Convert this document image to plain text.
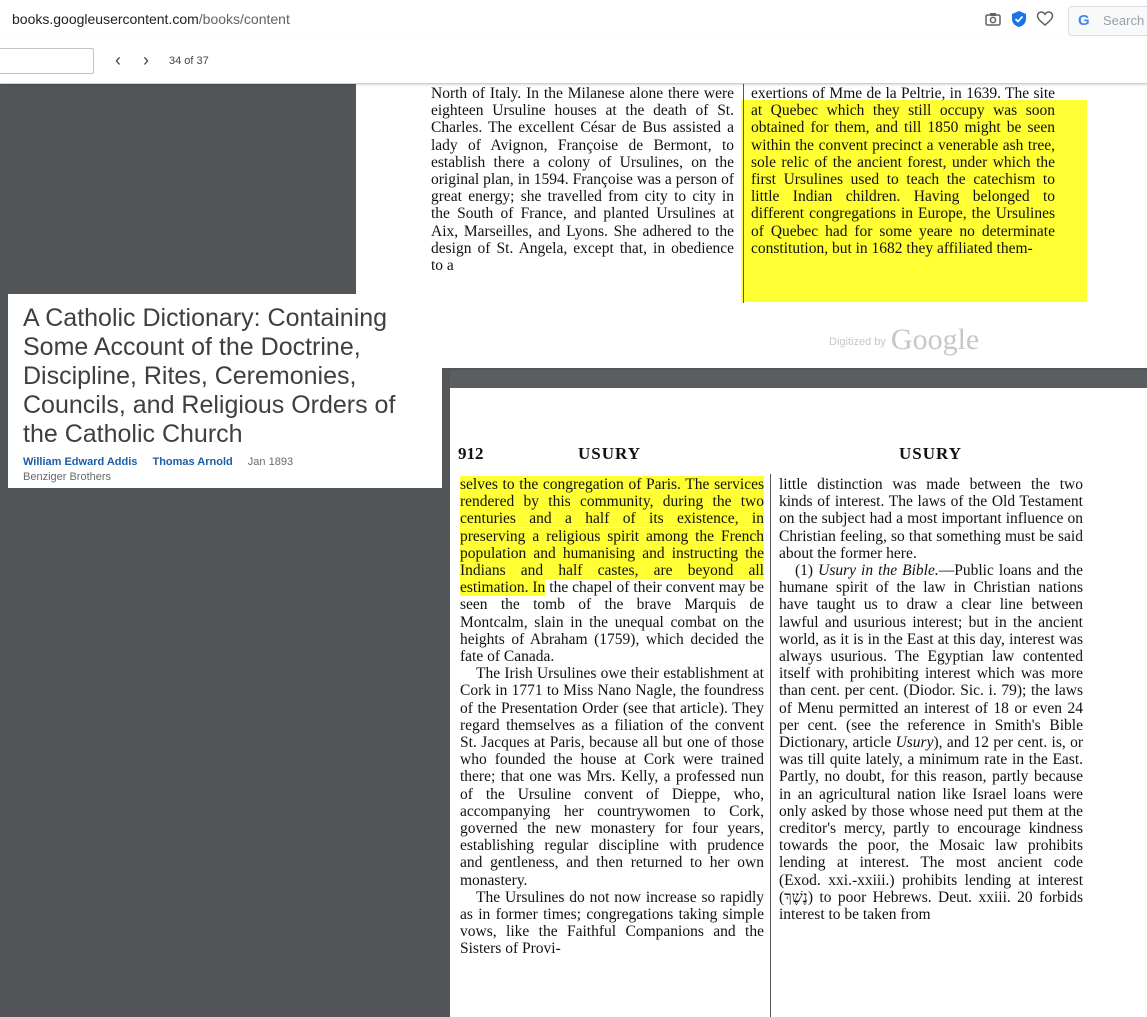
books.googleusercontent.com/books/content	G Search
‹	›	34 of 37
North of Italy. In the Milanese alone there were eighteen Ursuline houses at the death of St. Charles. The excellent César de Bus assisted a lady of Avignon, Françoise de Bermont, to establish there a colony of Ursulines, on the original plan, in 1594. Françoise was a person of great energy; she travelled from city to city in the South of France, and planted Ursulines at Aix, Marseilles, and Lyons. She adhered to the design of St. Angela, except that, in obedience to a
exertions of Mme de la Peltrie, in 1639. The site at Quebec which they still occupy was soon obtained for them, and till 1850 might be seen within the convent precinct a venerable ash tree, sole relic of the ancient forest, under which the first Ursulines used to teach the catechism to little Indian children. Having belonged to different congregations in Europe, the Ursulines of Quebec had for some yeare no determinate constitution, but in 1682 they affiliated them-
Digitized by Google
912	USURY	USURY
selves to the congregation of Paris. The services rendered by this community, during the two centuries and a half of its existence, in preserving a religious spirit among the French population and humanising and instructing the Indians and half castes, are beyond all estimation. In the chapel of their convent may be seen the tomb of the brave Marquis de Montcalm, slain in the unequal combat on the heights of Abraham (1759), which decided the fate of Canada.
The Irish Ursulines owe their establishment at Cork in 1771 to Miss Nano Nagle, the foundress of the Presentation Order (see that article). They regard themselves as a filiation of the convent St. Jacques at Paris, because all but one of those who founded the house at Cork were trained there; that one was Mrs. Kelly, a professed nun of the Ursuline convent of Dieppe, who, accompanying her countrywomen to Cork, governed the new monastery for four years, establishing regular discipline with prudence and gentleness, and then returned to her own monastery.
The Ursulines do not now increase so rapidly as in former times; congregations taking simple vows, like the Faithful Companions and the Sisters of Provi-
little distinction was made between the two kinds of interest. The laws of the Old Testament on the subject had a most important influence on Christian feeling, so that something must be said about the former here.
(1) Usury in the Bible.—Public loans and the humane spirit of the law in Christian nations have taught us to draw a clear line between lawful and usurious interest; but in the ancient world, as it is in the East at this day, interest was always usurious. The Egyptian law contented itself with prohibiting interest which was more than cent. per cent. (Diodor. Sic. i. 79); the laws of Menu permitted an interest of 18 or even 24 per cent. (see the reference in Smith's Bible Dictionary, article Usury), and 12 per cent. is, or was till quite lately, a minimum rate in the East. Partly, no doubt, for this reason, partly because in an agricultural nation like Israel loans were only asked by those whose need put them at the creditor's mercy, partly to encourage kindness towards the poor, the Mosaic law prohibits lending at interest. The most ancient code (Exod. xxi.-xxiii.) prohibits lending at interest (נֶשֶׁךְ) to poor Hebrews. Deut. xxiii. 20 forbids interest to be taken from
A Catholic Dictionary: Containing Some Account of the Doctrine, Discipline, Rites, Ceremonies, Councils, and Religious Orders of the Catholic Church
William Edward Addis Thomas Arnold Jan 1893
Benziger Brothers
